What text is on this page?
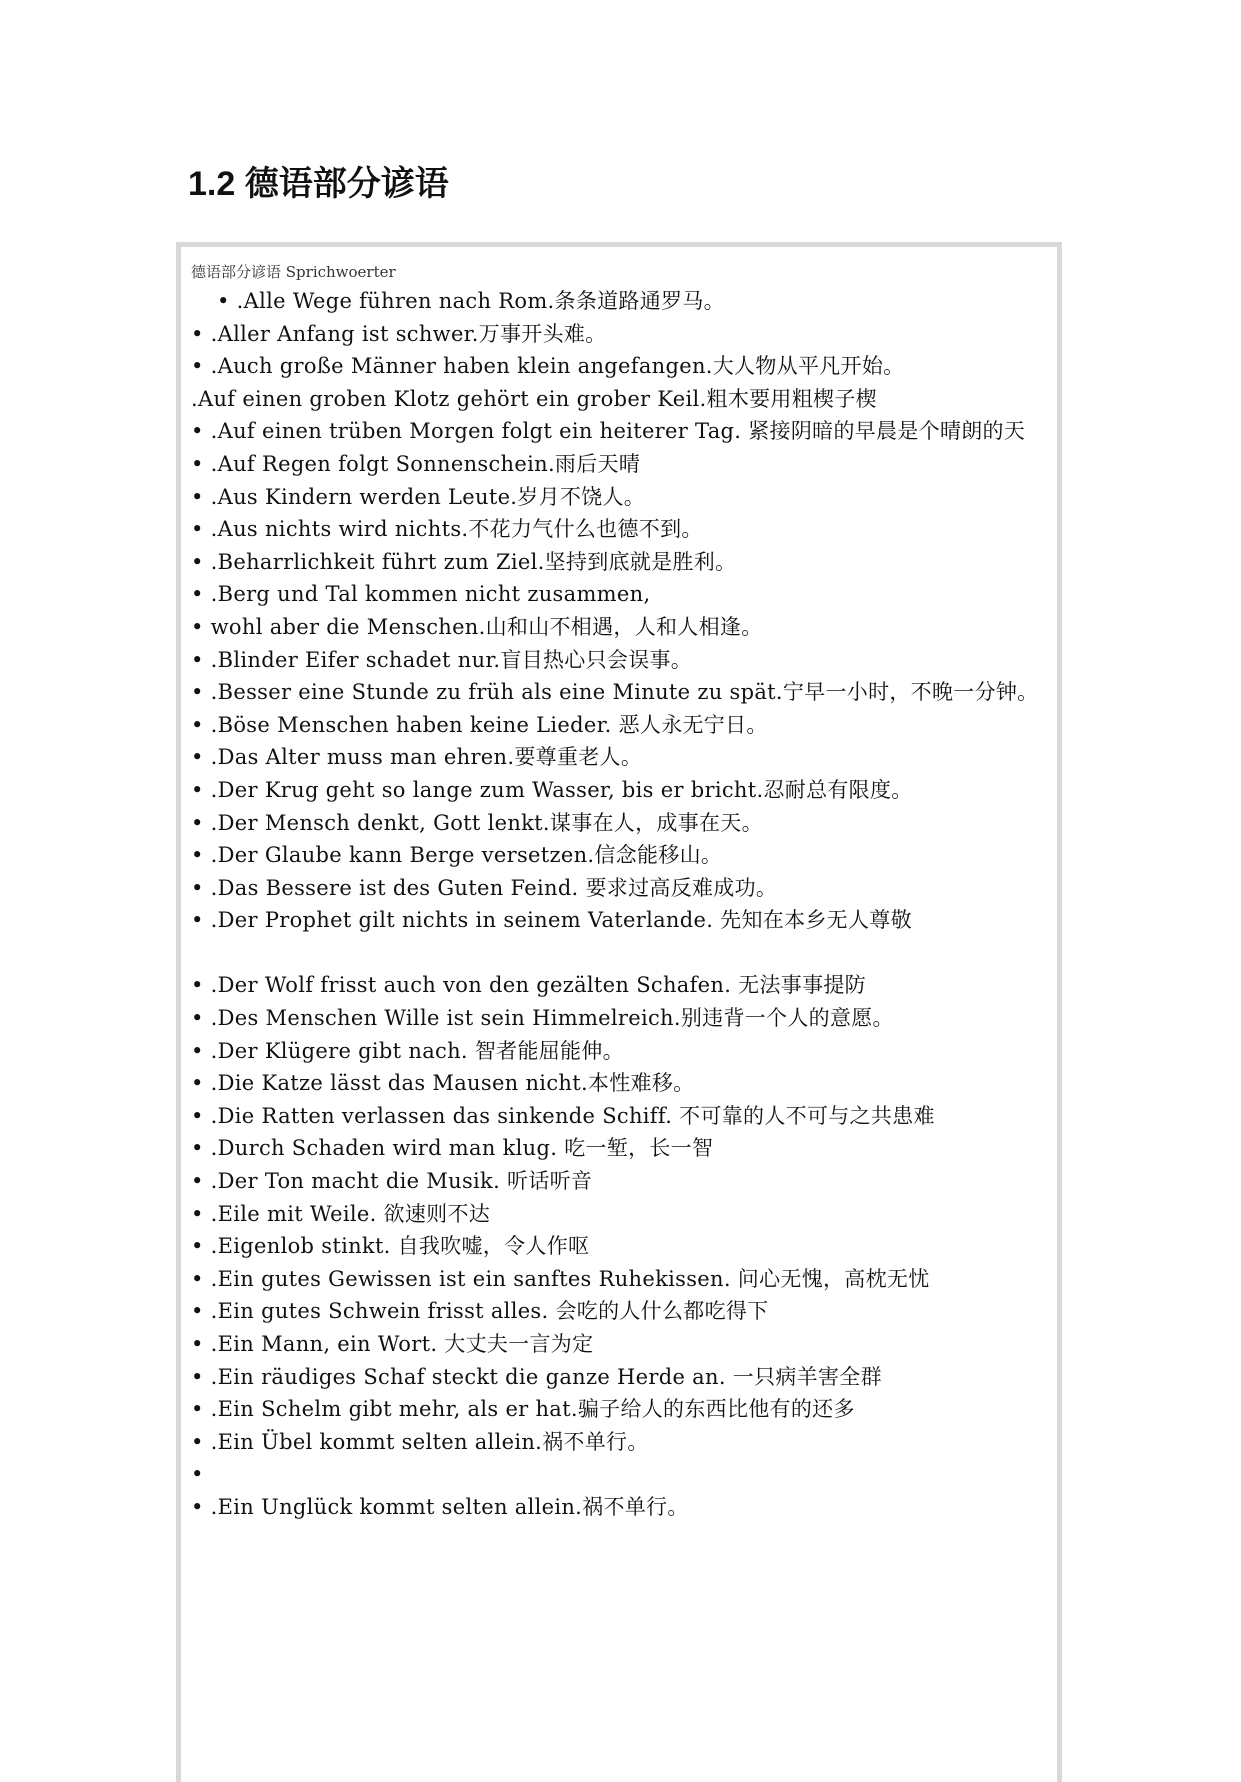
1.2 德语部分谚语
德语部分谚语 Sprichwoerter
• .Alle Wege führen nach Rom.条条道路通罗马。
• .Aller Anfang ist schwer.万事开头难。
• .Auch große Männer haben klein angefangen.大人物从平凡开始。
.Auf einen groben Klotz gehört ein grober Keil.粗木要用粗楔子楔
• .Auf einen trüben Morgen folgt ein heiterer Tag. 紧接阴暗的早晨是个晴朗的天
• .Auf Regen folgt Sonnenschein.雨后天晴
• .Aus Kindern werden Leute.岁月不饶人。
• .Aus nichts wird nichts.不花力气什么也德不到。
• .Beharrlichkeit führt zum Ziel.坚持到底就是胜利。
• .Berg und Tal kommen nicht zusammen,
• wohl aber die Menschen.山和山不相遇，人和人相逢。
• .Blinder Eifer schadet nur.盲目热心只会误事。
• .Besser eine Stunde zu früh als eine Minute zu spät.宁早一小时，不晚一分钟。
• .Böse Menschen haben keine Lieder. 恶人永无宁日。
• .Das Alter muss man ehren.要尊重老人。
• .Der Krug geht so lange zum Wasser, bis er bricht.忍耐总有限度。
• .Der Mensch denkt, Gott lenkt.谋事在人，成事在天。
• .Der Glaube kann Berge versetzen.信念能移山。
• .Das Bessere ist des Guten Feind. 要求过高反难成功。
• .Der Prophet gilt nichts in seinem Vaterlande. 先知在本乡无人尊敬

• .Der Wolf frisst auch von den gezälten Schafen. 无法事事提防
• .Des Menschen Wille ist sein Himmelreich.别违背一个人的意愿。
• .Der Klügere gibt nach. 智者能屈能伸。
• .Die Katze lässt das Mausen nicht.本性难移。
• .Die Ratten verlassen das sinkende Schiff. 不可靠的人不可与之共患难
• .Durch Schaden wird man klug. 吃一堑，长一智
• .Der Ton macht die Musik. 听话听音
• .Eile mit Weile. 欲速则不达
• .Eigenlob stinkt. 自我吹嘘，令人作呕
• .Ein gutes Gewissen ist ein sanftes Ruhekissen. 问心无愧，高枕无忧
• .Ein gutes Schwein frisst alles. 会吃的人什么都吃得下
• .Ein Mann, ein Wort. 大丈夫一言为定
• .Ein räudiges Schaf steckt die ganze Herde an. 一只病羊害全群
• .Ein Schelm gibt mehr, als er hat.骗子给人的东西比他有的还多
• .Ein Übel kommt selten allein.祸不单行。
•
• .Ein Unglück kommt selten allein.祸不单行。
